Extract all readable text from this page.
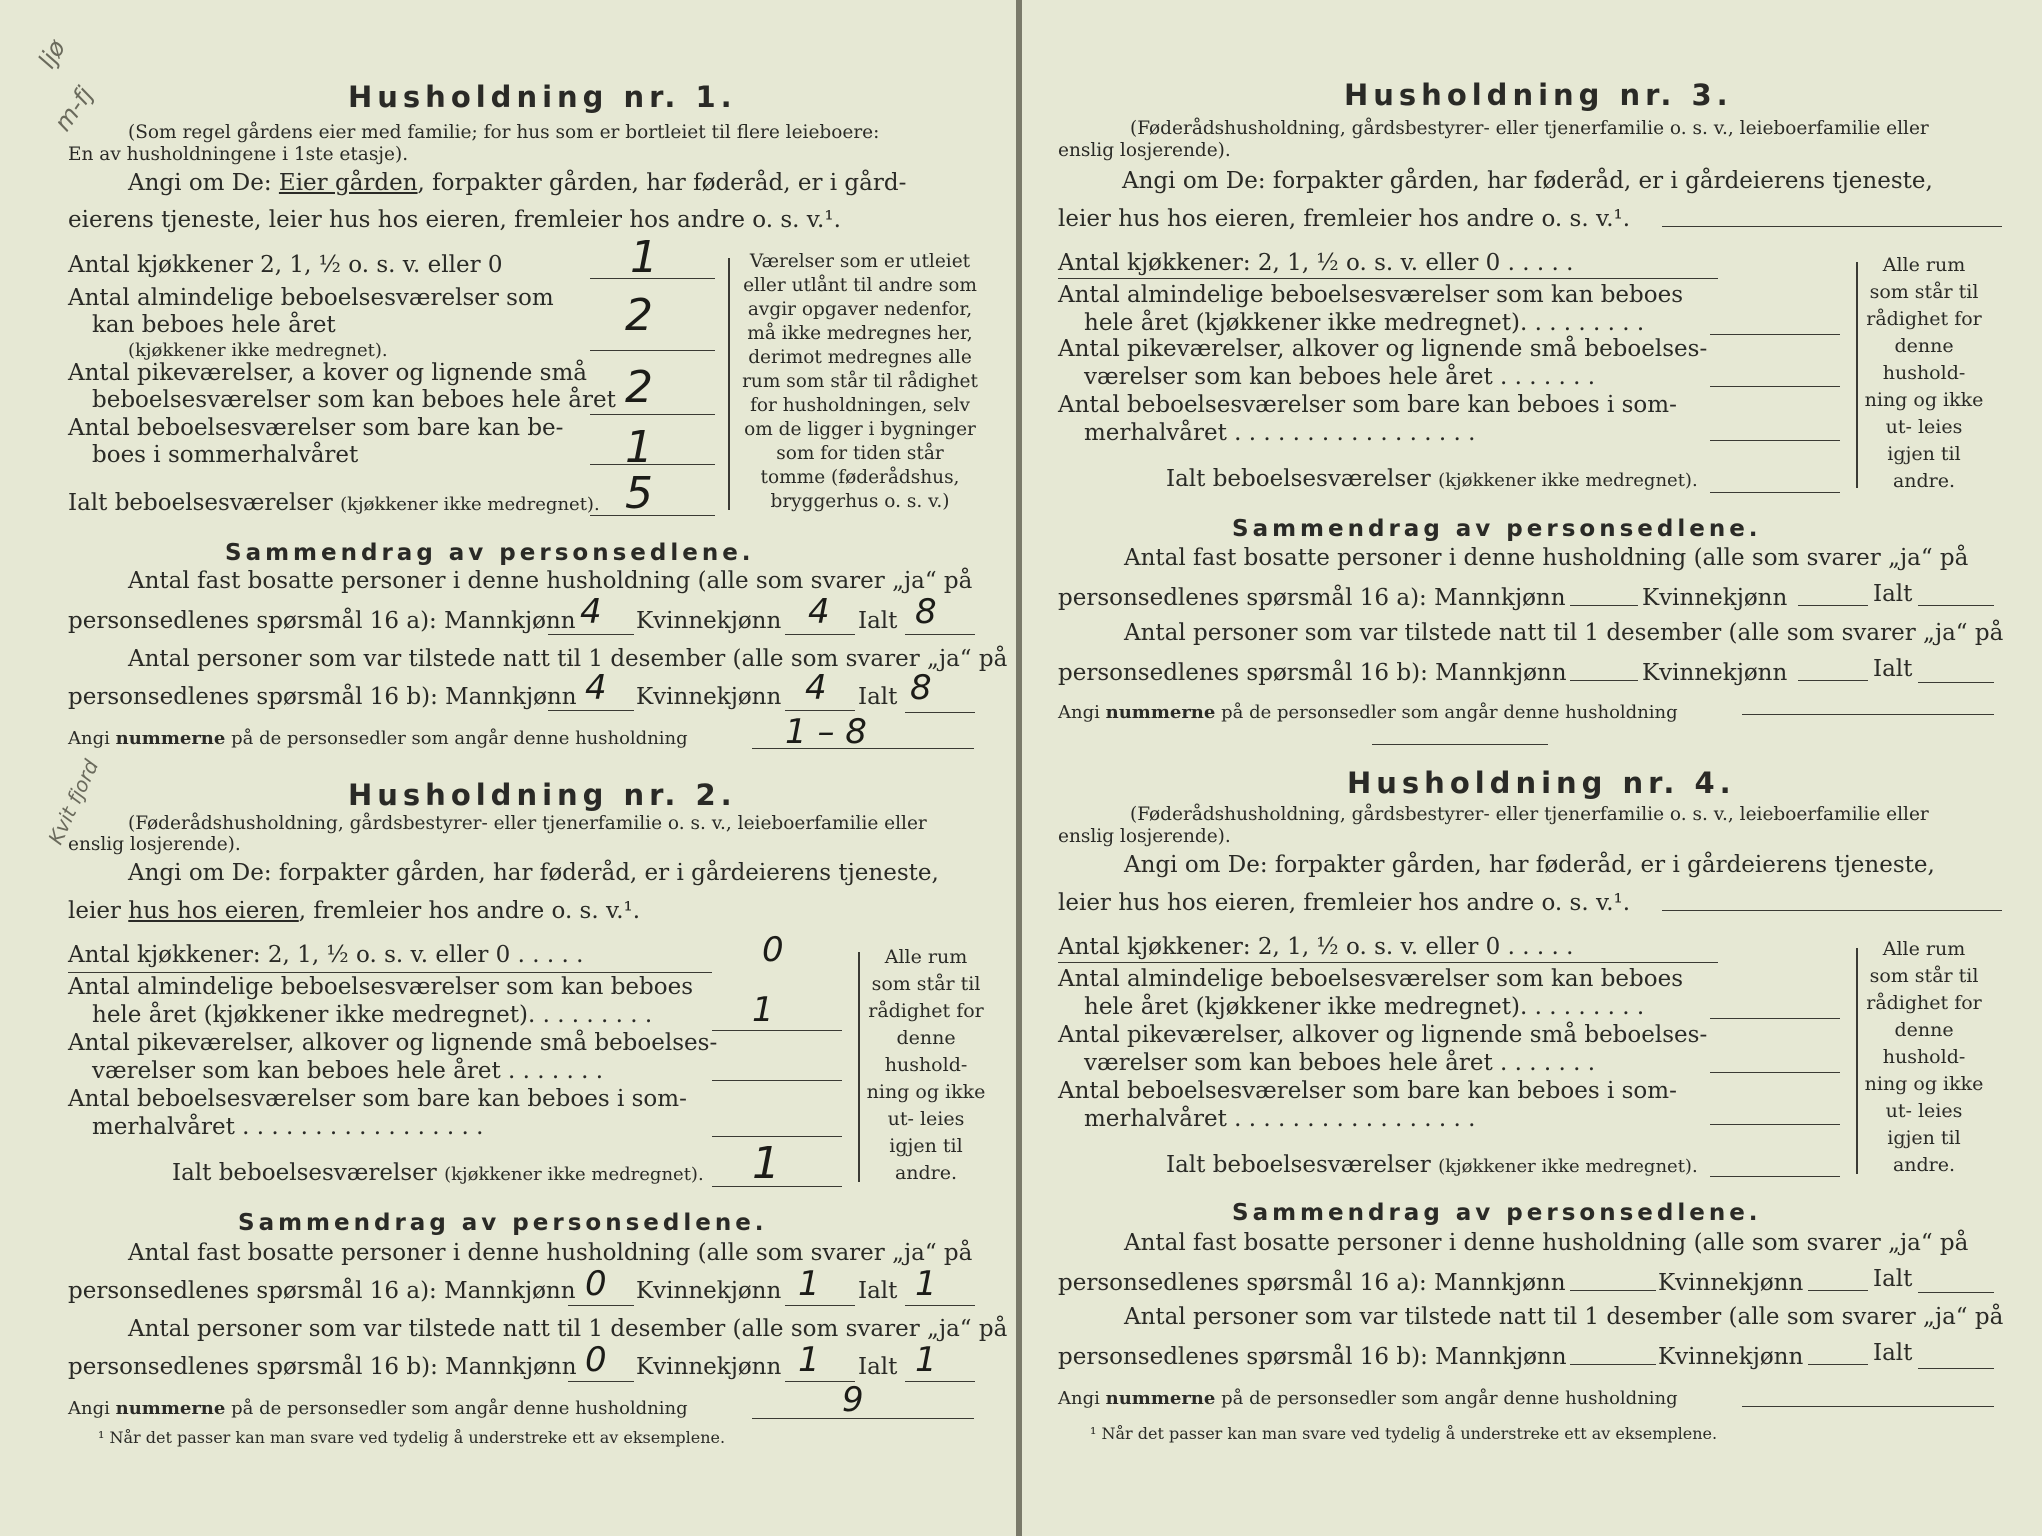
ljø
m-fj
Kvit fjord
Husholdning nr. 1.
(Som regel gårdens eier med familie; for hus som er bortleiet til flere leieboere:
En av husholdningene i 1ste etasje).
Angi om De: Eier gården, forpakter gården, har føderåd, er i gård-
eierens tjeneste, leier hus hos eieren, fremleier hos andre o. s. v.¹.
Antal kjøkkener 2, 1, ½ o. s. v. eller 0	1
Antal almindelige beboelsesværelser som
kan beboes hele året
(kjøkkener ikke medregnet).
2
Antal pikeværelser, a kover og lignende små
beboelsesværelser som kan beboes hele året 2
Antal beboelsesværelser som bare kan be-
boes i sommerhalvåret	1
Ialt beboelsesværelser (kjøkkener ikke medregnet). 5
Værelser som er utleiet eller utlånt til andre som avgir opgaver nedenfor, må ikke medregnes her, derimot medregnes alle rum som står til rådighet for husholdningen, selv om de ligger i bygninger som for tiden står tomme (føderådshus, bryggerhus o. s. v.)
Sammendrag av personsedlene.
Antal fast bosatte personer i denne husholdning (alle som svarer „ja“ på
personsedlenes spørsmål 16 a): Mannkjønn 4 Kvinnekjønn 4 Ialt 8
Antal personer som var tilstede natt til 1 desember (alle som svarer „ja“ på
personsedlenes spørsmål 16 b): Mannkjønn 4 Kvinnekjønn 4 Ialt 8
Angi nummerne på de personsedler som angår denne husholdning	1 – 8
Husholdning nr. 2.
(Føderådshusholdning, gårdsbestyrer- eller tjenerfamilie o. s. v., leieboerfamilie eller
enslig losjerende).
Angi om De: forpakter gården, har føderåd, er i gårdeierens tjeneste,
leier hus hos eieren, fremleier hos andre o. s. v.¹.
Antal kjøkkener: 2, 1, ½ o. s. v. eller 0 . . . . .	0
Antal almindelige beboelsesværelser som kan beboes
hele året (kjøkkener ikke medregnet). . . . . . . . .	1
Antal pikeværelser, alkover og lignende små beboelses-
værelser som kan beboes hele året . . . . . . .
Antal beboelsesværelser som bare kan beboes i som-
merhalvåret . . . . . . . . . . . . . . . . .
Ialt beboelsesværelser (kjøkkener ikke medregnet). 1
Alle rum som står til rådighet for denne hushold- ning og ikke ut- leies igjen til andre.
Sammendrag av personsedlene.
Antal fast bosatte personer i denne husholdning (alle som svarer „ja“ på
personsedlenes spørsmål 16 a): Mannkjønn 0 Kvinnekjønn 1 Ialt 1
Antal personer som var tilstede natt til 1 desember (alle som svarer „ja“ på
personsedlenes spørsmål 16 b): Mannkjønn 0 Kvinnekjønn 1 Ialt 1
Angi nummerne på de personsedler som angår denne husholdning	9
¹ Når det passer kan man svare ved tydelig å understreke ett av eksemplene.
Husholdning nr. 3.
(Føderådshusholdning, gårdsbestyrer- eller tjenerfamilie o. s. v., leieboerfamilie eller
enslig losjerende).
Angi om De: forpakter gården, har føderåd, er i gårdeierens tjeneste,
leier hus hos eieren, fremleier hos andre o. s. v.¹.
Antal kjøkkener: 2, 1, ½ o. s. v. eller 0 . . . . .
Antal almindelige beboelsesværelser som kan beboes
hele året (kjøkkener ikke medregnet). . . . . . . . .
Antal pikeværelser, alkover og lignende små beboelses-
værelser som kan beboes hele året . . . . . . .
Antal beboelsesværelser som bare kan beboes i som-
merhalvåret . . . . . . . . . . . . . . . . .
Ialt beboelsesværelser (kjøkkener ikke medregnet).
Alle rum som står til rådighet for denne hushold- ning og ikke ut- leies igjen til andre.
Sammendrag av personsedlene.
Antal fast bosatte personer i denne husholdning (alle som svarer „ja“ på
personsedlenes spørsmål 16 a): Mannkjønn	Kvinnekjønn	Ialt
Antal personer som var tilstede natt til 1 desember (alle som svarer „ja“ på
personsedlenes spørsmål 16 b): Mannkjønn	Kvinnekjønn	Ialt
Angi nummerne på de personsedler som angår denne husholdning
Husholdning nr. 4.
(Føderådshusholdning, gårdsbestyrer- eller tjenerfamilie o. s. v., leieboerfamilie eller
enslig losjerende).
Angi om De: forpakter gården, har føderåd, er i gårdeierens tjeneste,
leier hus hos eieren, fremleier hos andre o. s. v.¹.
Antal kjøkkener: 2, 1, ½ o. s. v. eller 0 . . . . .
Antal almindelige beboelsesværelser som kan beboes
hele året (kjøkkener ikke medregnet). . . . . . . . .
Antal pikeværelser, alkover og lignende små beboelses-
værelser som kan beboes hele året . . . . . . .
Antal beboelsesværelser som bare kan beboes i som-
merhalvåret . . . . . . . . . . . . . . . . .
Ialt beboelsesværelser (kjøkkener ikke medregnet).
Alle rum som står til rådighet for denne hushold- ning og ikke ut- leies igjen til andre.
Sammendrag av personsedlene.
Antal fast bosatte personer i denne husholdning (alle som svarer „ja“ på
personsedlenes spørsmål 16 a): Mannkjønn	Kvinnekjønn	Ialt
Antal personer som var tilstede natt til 1 desember (alle som svarer „ja“ på
personsedlenes spørsmål 16 b): Mannkjønn	Kvinnekjønn	Ialt
Angi nummerne på de personsedler som angår denne husholdning
¹ Når det passer kan man svare ved tydelig å understreke ett av eksemplene.
